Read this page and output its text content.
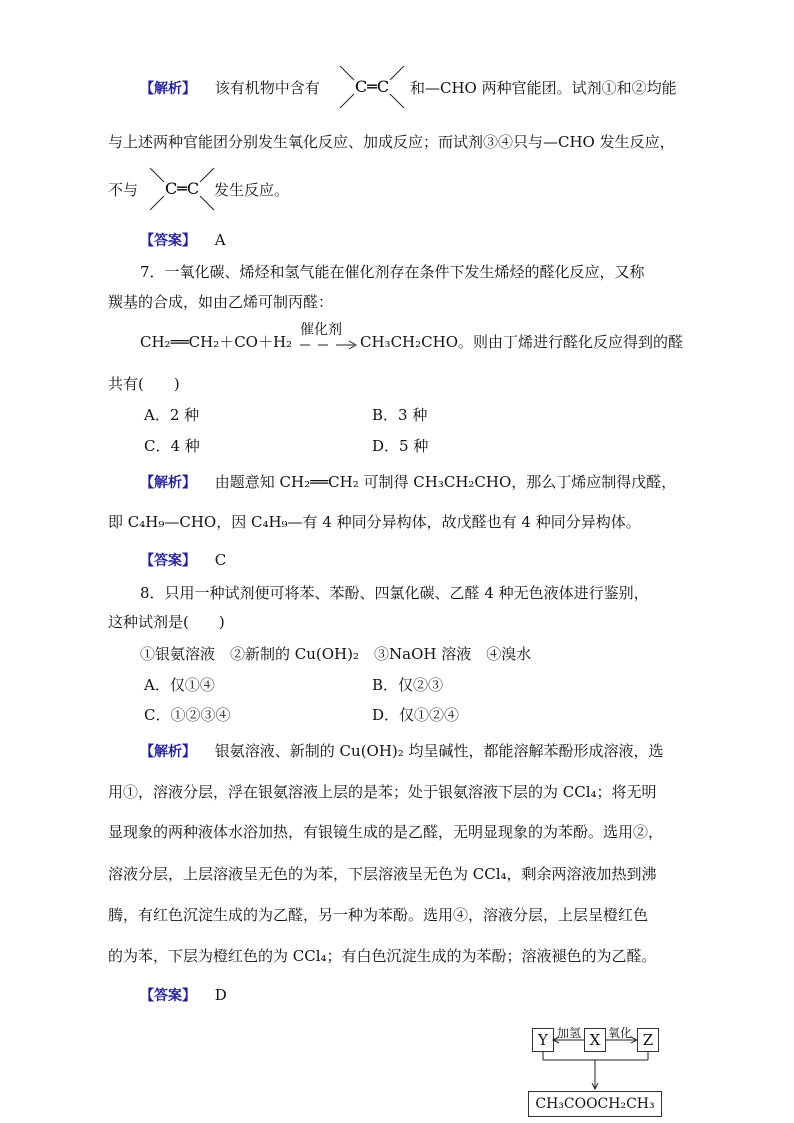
【解析】 该有机物中含有 C═C 和—CHO 两种官能团。试剂①和②均能
与上述两种官能团分别发生氧化反应、加成反应；而试剂③④只与—CHO 发生反应，
不与 C═C 发生反应。
【答案】 A
7．一氧化碳、烯烃和氢气能在催化剂存在条件下发生烯烃的醛化反应，又称
羰基的合成，如由乙烯可制丙醛：
CH₂══CH₂＋CO＋H₂
催化剂
CH₃CH₂CHO。则由丁烯进行醛化反应得到的醛
共有(　　)
A．2 种	B．3 种
C．4 种	D．5 种
【解析】 由题意知 CH₂══CH₂ 可制得 CH₃CH₂CHO，那么丁烯应制得戊醛，
即 C₄H₉—CHO，因 C₄H₉—有 4 种同分异构体，故戊醛也有 4 种同分异构体。
【答案】 C
8．只用一种试剂便可将苯、苯酚、四氯化碳、乙醛 4 种无色液体进行鉴别，
这种试剂是(　　)
①银氨溶液　②新制的 Cu(OH)₂　③NaOH 溶液　④溴水
A．仅①④	B．仅②③
C．①②③④	D．仅①②④
【解析】 银氨溶液、新制的 Cu(OH)₂ 均呈碱性，都能溶解苯酚形成溶液，选
用①，溶液分层，浮在银氨溶液上层的是苯；处于银氨溶液下层的为 CCl₄；将无明
显现象的两种液体水浴加热，有银镜生成的是乙醛，无明显现象的为苯酚。选用②，
溶液分层，上层溶液呈无色的为苯，下层溶液呈无色为 CCl₄，剩余两溶液加热到沸
腾，有红色沉淀生成的为乙醛，另一种为苯酚。选用④，溶液分层，上层呈橙红色
的为苯，下层为橙红色的为 CCl₄；有白色沉淀生成的为苯酚；溶液褪色的为乙醛。
【答案】 D
Y	X	Z
加氢 氧化
CH₃COOCH₂CH₃
